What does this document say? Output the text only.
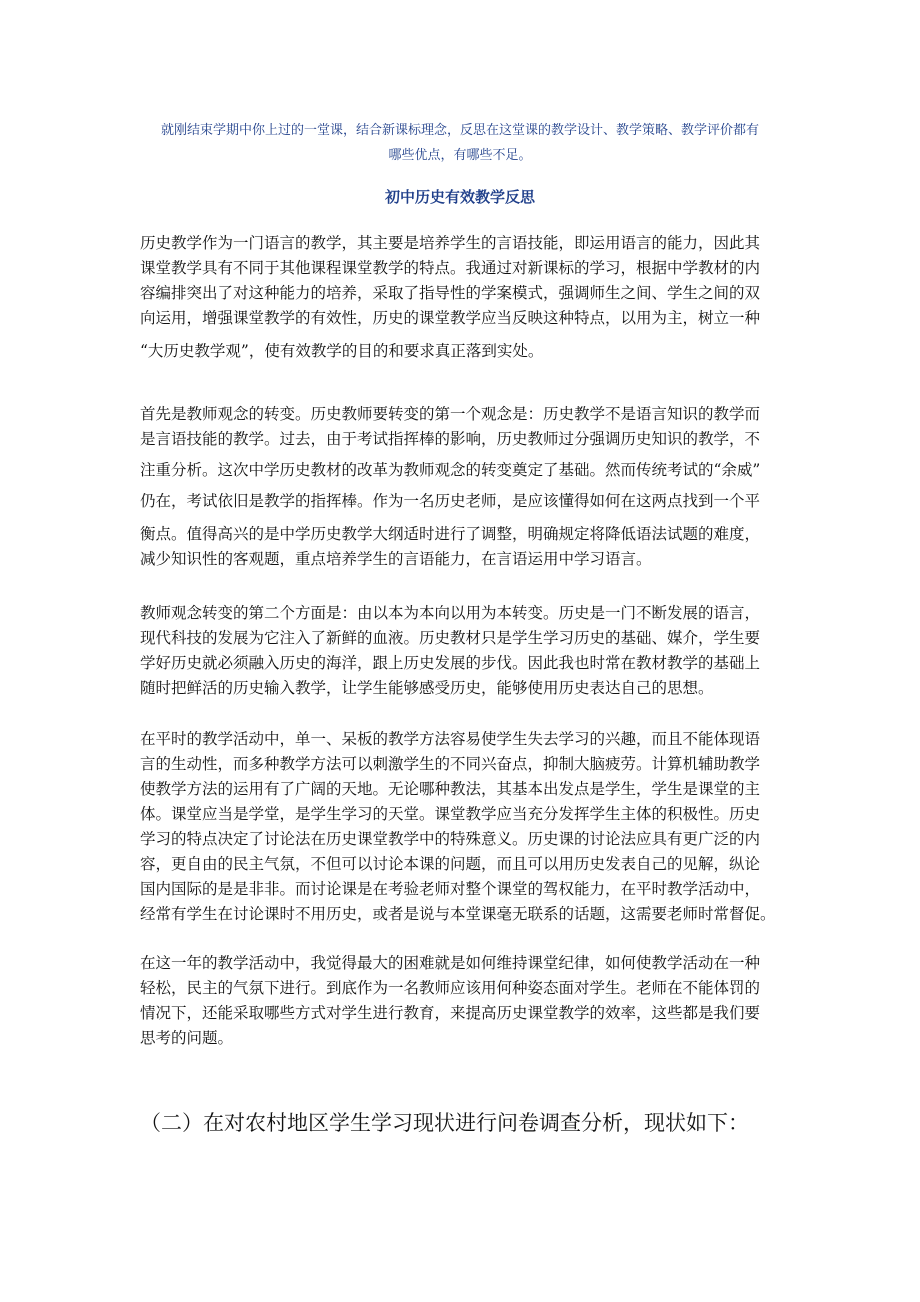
就刚结束学期中你上过的一堂课，结合新课标理念，反思在这堂课的教学设计、教学策略、教学评价都有
哪些优点，有哪些不足。
初中历史有效教学反思

历史教学作为一门语言的教学，其主要是培养学生的言语技能，即运用语言的能力，因此其
课堂教学具有不同于其他课程课堂教学的特点。我通过对新课标的学习，根据中学教材的内
容编排突出了对这种能力的培养，采取了指导性的学案模式，强调师生之间、学生之间的双
向运用，增强课堂教学的有效性，历史的课堂教学应当反映这种特点，以用为主，树立一种
“大历史教学观”，使有效教学的目的和要求真正落到实处。

首先是教师观念的转变。历史教师要转变的第一个观念是：历史教学不是语言知识的教学而
是言语技能的教学。过去，由于考试指挥棒的影响，历史教师过分强调历史知识的教学，不
注重分析。这次中学历史教材的改革为教师观念的转变奠定了基础。然而传统考试的“余威”
仍在，考试依旧是教学的指挥棒。作为一名历史老师，是应该懂得如何在这两点找到一个平
衡点。值得高兴的是中学历史教学大纲适时进行了调整，明确规定将降低语法试题的难度，
减少知识性的客观题，重点培养学生的言语能力，在言语运用中学习语言。

教师观念转变的第二个方面是：由以本为本向以用为本转变。历史是一门不断发展的语言，
现代科技的发展为它注入了新鲜的血液。历史教材只是学生学习历史的基础、媒介，学生要
学好历史就必须融入历史的海洋，跟上历史发展的步伐。因此我也时常在教材教学的基础上
随时把鲜活的历史输入教学，让学生能够感受历史，能够使用历史表达自己的思想。

在平时的教学活动中，单一、呆板的教学方法容易使学生失去学习的兴趣，而且不能体现语
言的生动性，而多种教学方法可以刺激学生的不同兴奋点，抑制大脑疲劳。计算机辅助教学
使教学方法的运用有了广阔的天地。无论哪种教法，其基本出发点是学生，学生是课堂的主
体。课堂应当是学堂，是学生学习的天堂。课堂教学应当充分发挥学生主体的积极性。历史
学习的特点决定了讨论法在历史课堂教学中的特殊意义。历史课的讨论法应具有更广泛的内
容，更自由的民主气氛，不但可以讨论本课的问题，而且可以用历史发表自己的见解，纵论
国内国际的是是非非。而讨论课是在考验老师对整个课堂的驾权能力，在平时教学活动中，
经常有学生在讨论课时不用历史，或者是说与本堂课毫无联系的话题，这需要老师时常督促。

在这一年的教学活动中，我觉得最大的困难就是如何维持课堂纪律，如何使教学活动在一种
轻松，民主的气氛下进行。到底作为一名教师应该用何种姿态面对学生。老师在不能体罚的
情况下，还能采取哪些方式对学生进行教育，来提高历史课堂教学的效率，这些都是我们要
思考的问题。

（二）在对农村地区学生学习现状进行问卷调查分析，现状如下：
